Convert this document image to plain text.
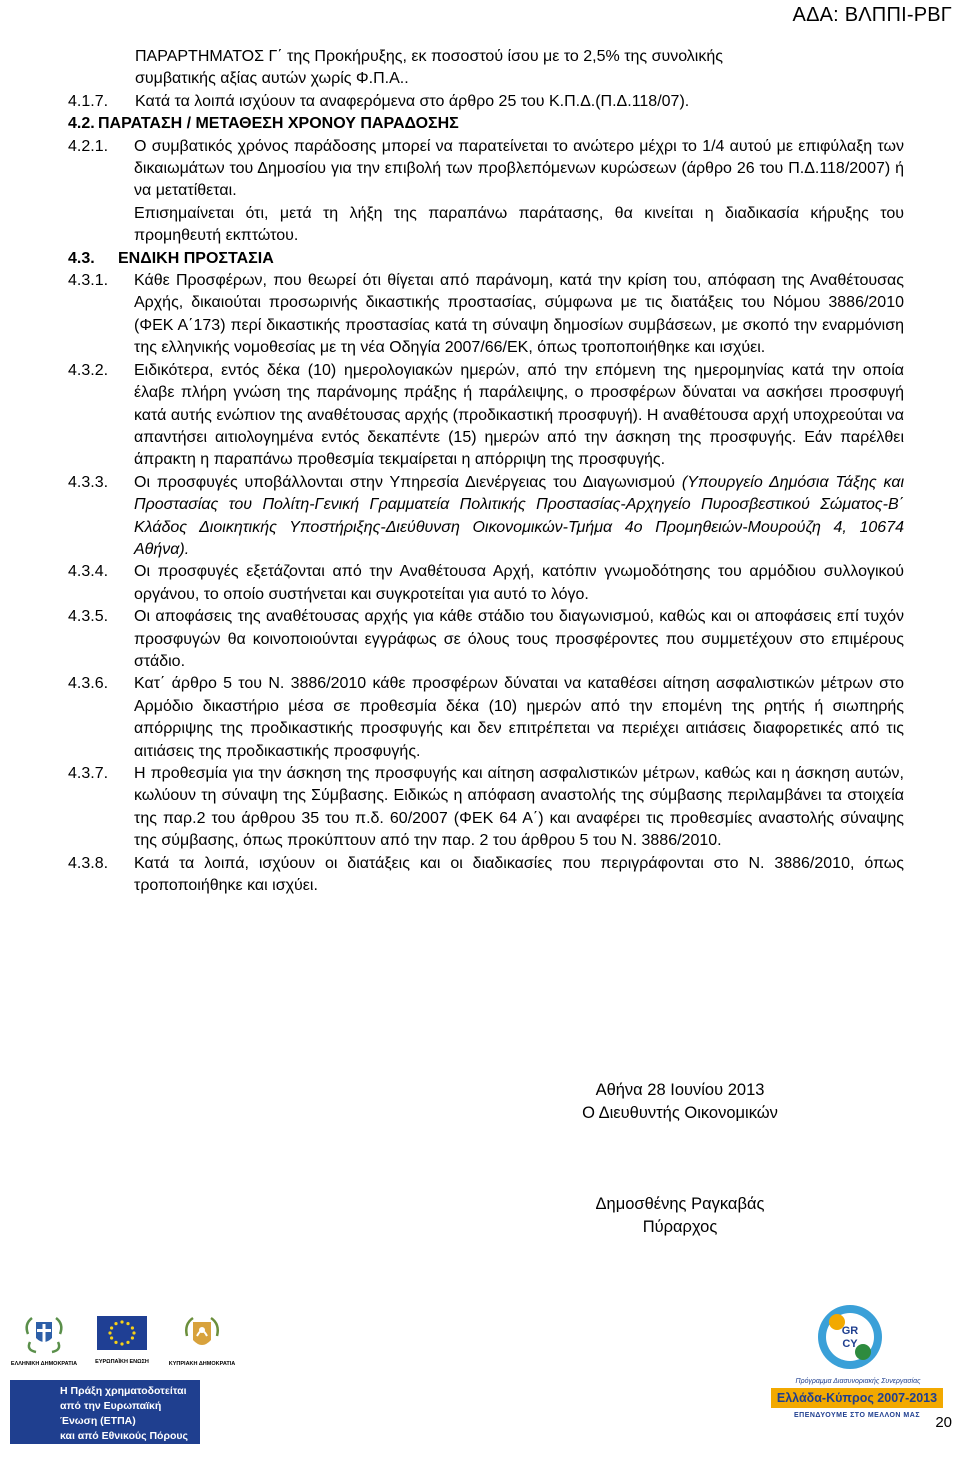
ΑΔΑ: ΒΛΠΠΙ-ΡΒΓ
ΠΑΡΑΡΤΗΜΑΤΟΣ Γ΄ της Προκήρυξης, εκ ποσοστού ίσου με το 2,5% της συνολικής
συμβατικής αξίας αυτών χωρίς Φ.Π.Α..
4.1.7.	Κατά τα λοιπά ισχύουν τα αναφερόμενα στο άρθρο 25 του Κ.Π.Δ.(Π.Δ.118/07).
4.2. ΠΑΡΑΤΑΣΗ / ΜΕΤΑΘΕΣΗ ΧΡΟΝΟΥ ΠΑΡΑΔΟΣΗΣ
4.2.1.	Ο συμβατικός χρόνος παράδοσης μπορεί να παρατείνεται το ανώτερο μέχρι το 1/4 αυτού με επιφύλαξη των δικαιωμάτων του Δημοσίου για την επιβολή των προβλεπόμενων κυρώσεων (άρθρο 26 του Π.Δ.118/2007) ή να μετατίθεται.
Επισημαίνεται ότι, μετά τη λήξη της παραπάνω παράτασης, θα κινείται η διαδικασία κήρυξης του προμηθευτή εκπτώτου.
4.3.	ΕΝΔΙΚΗ ΠΡΟΣΤΑΣΙΑ
4.3.1.	Κάθε Προσφέρων, που θεωρεί ότι θίγεται από παράνομη, κατά την κρίση του, απόφαση της Αναθέτουσας Αρχής, δικαιούται προσωρινής δικαστικής προστασίας, σύμφωνα με τις διατάξεις του Νόμου 3886/2010 (ΦΕΚ Α΄173) περί δικαστικής προστασίας κατά τη σύναψη δημοσίων συμβάσεων, με σκοπό την εναρμόνιση της ελληνικής νομοθεσίας με τη νέα Οδηγία 2007/66/ΕΚ, όπως τροποποιήθηκε και ισχύει.
4.3.2.	Ειδικότερα, εντός δέκα (10) ημερολογιακών ημερών, από την επόμενη της ημερομηνίας κατά την οποία έλαβε πλήρη γνώση της παράνομης πράξης ή παράλειψης, ο προσφέρων δύναται να ασκήσει προσφυγή κατά αυτής ενώπιον της αναθέτουσας αρχής (προδικαστική προσφυγή). Η αναθέτουσα αρχή υποχρεούται να απαντήσει αιτιολογημένα εντός δεκαπέντε (15) ημερών από την άσκηση της προσφυγής. Εάν παρέλθει άπρακτη η παραπάνω προθεσμία τεκμαίρεται η απόρριψη της προσφυγής.
4.3.3.	Οι προσφυγές υποβάλλονται στην Υπηρεσία Διενέργειας του Διαγωνισμού (Υπουργείο Δημόσια Τάξης και Προστασίας του Πολίτη-Γενική Γραμματεία Πολιτικής Προστασίας-Αρχηγείο Πυροσβεστικού Σώματος-Β΄ Κλάδος Διοικητικής Υποστήριξης-Διεύθυνση Οικονομικών-Τμήμα 4ο Προμηθειών-Μουρούζη 4, 10674 Αθήνα).
4.3.4.	Οι προσφυγές εξετάζονται από την Αναθέτουσα Αρχή, κατόπιν γνωμοδότησης του αρμόδιου συλλογικού οργάνου, το οποίο συστήνεται και συγκροτείται για αυτό το λόγο.
4.3.5.	Οι αποφάσεις της αναθέτουσας αρχής για κάθε στάδιο του διαγωνισμού, καθώς και οι αποφάσεις επί τυχόν προσφυγών θα κοινοποιούνται εγγράφως σε όλους τους προσφέροντες που συμμετέχουν στο επιμέρους στάδιο.
4.3.6.	Κατ΄ άρθρο 5 του Ν. 3886/2010 κάθε προσφέρων δύναται να καταθέσει αίτηση ασφαλιστικών μέτρων στο Αρμόδιο δικαστήριο μέσα σε προθεσμία δέκα (10) ημερών από την επομένη της ρητής ή σιωπηρής απόρριψης της προδικαστικής προσφυγής και δεν επιτρέπεται να περιέχει αιτιάσεις διαφορετικές από τις αιτιάσεις της προδικαστικής προσφυγής.
4.3.7.	Η προθεσμία για την άσκηση της προσφυγής και αίτηση ασφαλιστικών μέτρων, καθώς και η άσκηση αυτών, κωλύουν τη σύναψη της Σύμβασης. Ειδικώς η απόφαση αναστολής της σύμβασης περιλαμβάνει τα στοιχεία της παρ.2 του άρθρου 35 του π.δ. 60/2007 (ΦΕΚ 64 Α΄) και αναφέρει τις προθεσμίες αναστολής σύναψης της σύμβασης, όπως προκύπτουν από την παρ. 2 του άρθρου 5 του Ν. 3886/2010.
4.3.8.	Κατά τα λοιπά, ισχύουν οι διατάξεις και οι διαδικασίες που περιγράφονται στο Ν. 3886/2010, όπως τροποποιήθηκε και ισχύει.
Αθήνα 28 Ιουνίου 2013
Ο Διευθυντής Οικονομικών
Δημοσθένης Ραγκαβάς
Πύραρχος
ΕΛΛΗΝΙΚΗ ΔΗΜΟΚΡΑΤΙΑ	ΕΥΡΩΠΑΪΚΗ ΕΝΩΣΗ	ΚΥΠΡΙΑΚΗ ΔΗΜΟΚΡΑΤΙΑ
Η Πράξη χρηματοδοτείται
από την Ευρωπαϊκή Ένωση (ΕΤΠΑ)
και από Εθνικούς Πόρους
της Ελλάδας και της Κύπρου
GR
CY
Πρόγραμμα Διασυνοριακής Συνεργασίας
Ελλάδα-Κύπρος 2007-2013
ΕΠΕΝΔΥΟΥΜΕ ΣΤΟ ΜΕΛΛΟΝ ΜΑΣ	20
